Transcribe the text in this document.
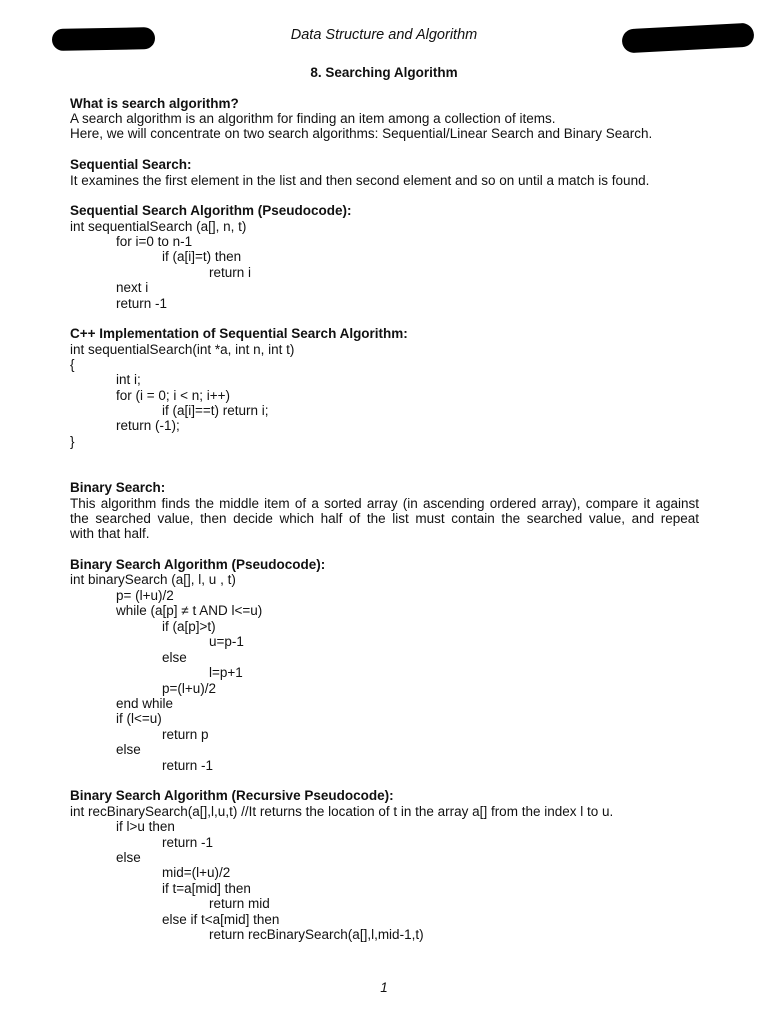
Data Structure and Algorithm
8. Searching Algorithm
What is search algorithm?
A search algorithm is an algorithm for finding an item among a collection of items.
Here, we will concentrate on two search algorithms: Sequential/Linear Search and Binary Search.
Sequential Search:
It examines the first element in the list and then second element and so on until a match is found.
Sequential Search Algorithm (Pseudocode):
int sequentialSearch (a[], n, t)
for i=0 to n-1
if (a[i]=t) then
return i
next i
return -1
C++ Implementation of Sequential Search Algorithm:
int sequentialSearch(int *a, int n, int t)
{
int i;
for (i = 0; i < n; i++)
if (a[i]==t) return i;
return (-1);
}
Binary Search:
This algorithm finds the middle item of a sorted array (in ascending ordered array), compare it against
the searched value, then decide which half of the list must contain the searched value, and repeat
with that half.
Binary Search Algorithm (Pseudocode):
int binarySearch (a[], l, u , t)
p= (l+u)/2
while (a[p] ≠ t AND l<=u)
if (a[p]>t)
u=p-1
else
l=p+1
p=(l+u)/2
end while
if (l<=u)
return p
else
return -1
Binary Search Algorithm (Recursive Pseudocode):
int recBinarySearch(a[],l,u,t) //It returns the location of t in the array a[] from the index l to u.
if l>u then
return -1
else
mid=(l+u)/2
if t=a[mid] then
return mid
else if t<a[mid] then
return recBinarySearch(a[],l,mid-1,t)
1
